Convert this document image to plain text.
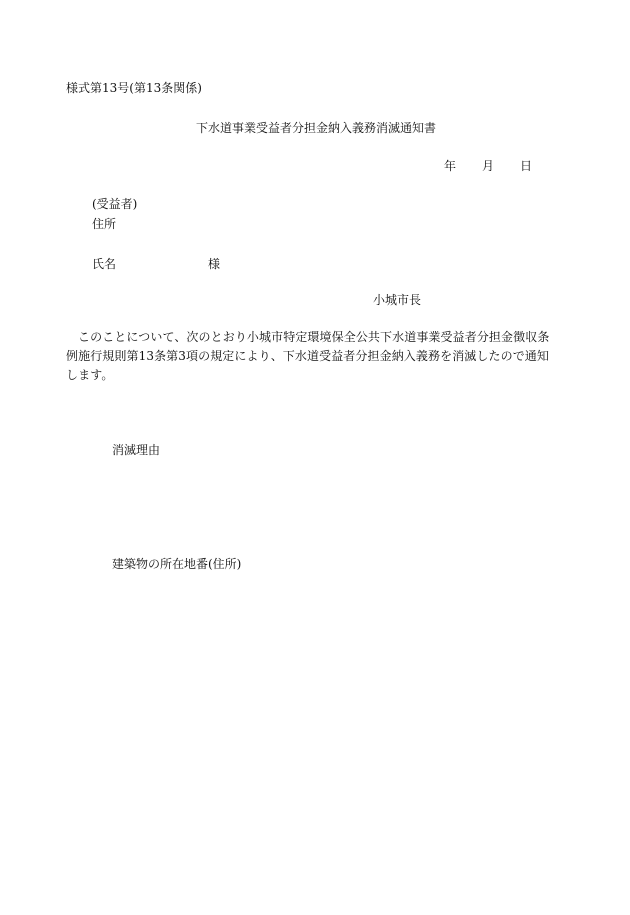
様式第13号(第13条関係)
下水道事業受益者分担金納入義務消滅通知書
年 月 日
(受益者)
住所
氏名	様
小城市長
このことについて、次のとおり小城市特定環境保全公共下水道事業受益者分担金徴収条例施行規則第13条第3項の規定により、下水道受益者分担金納入義務を消滅したので通知します。
消滅理由
建築物の所在地番(住所)
